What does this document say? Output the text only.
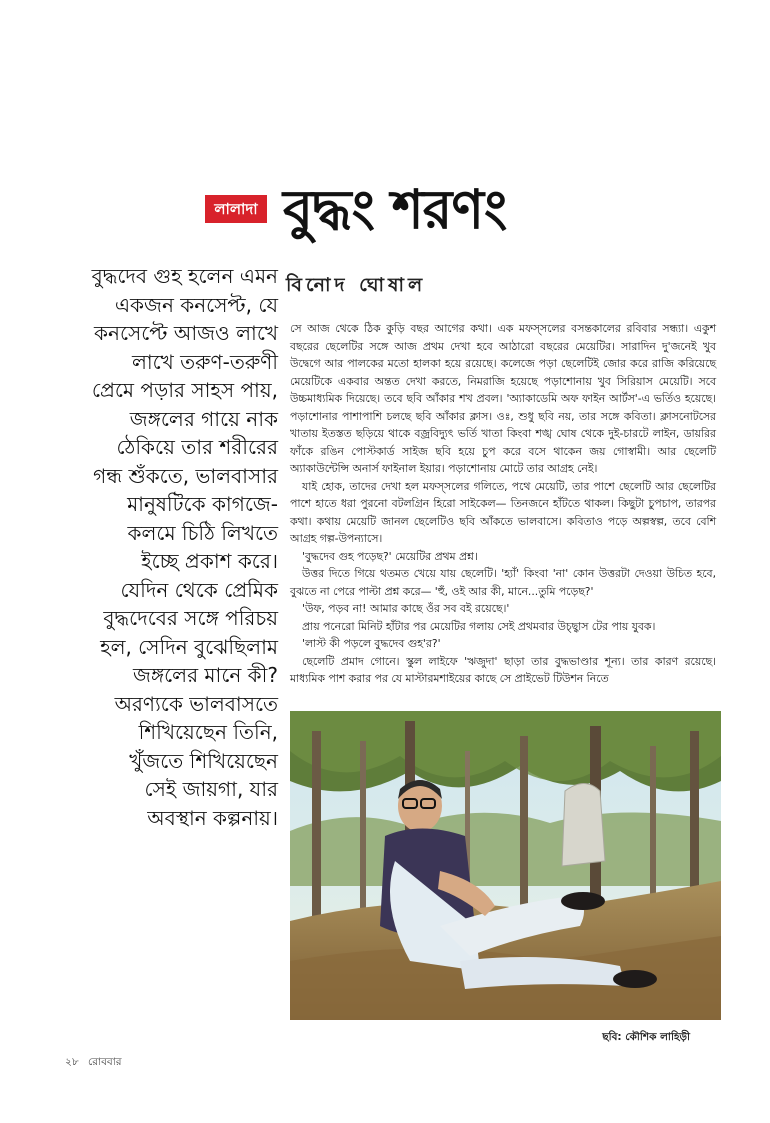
লালাদা বুদ্ধং শরণং
বিনোদ ঘোষাল
বুদ্ধদেব গুহ হলেন এমন
একজন কনসেপ্ট, যে
কনসেপ্টে আজও লাখে
লাখে তরুণ-তরুণী
প্রেমে পড়ার সাহস পায়,
জঙ্গলের গায়ে নাক
ঠেকিয়ে তার শরীরের
গন্ধ শুঁকতে, ভালবাসার
মানুষটিকে কাগজে-
কলমে চিঠি লিখতে
ইচ্ছে প্রকাশ করে।
যেদিন থেকে প্রেমিক
বুদ্ধদেবের সঙ্গে পরিচয়
হল, সেদিন বুঝেছিলাম
জঙ্গলের মানে কী?
অরণ্যকে ভালবাসতে
শিখিয়েছেন তিনি,
খুঁজতে শিখিয়েছেন
সেই জায়গা, যার
অবস্থান কল্পনায়।

সে আজ থেকে ঠিক কুড়ি বছর আগের কথা। এক মফস্সলের বসন্তকালের রবিবার সন্ধ্যা। একুশ বছরের ছেলেটির সঙ্গে আজ প্রথম দেখা হবে আঠারো বছরের মেয়েটির। সারাদিন দু'জনেই খুব উদ্বেগে আর পালকের মতো হালকা হয়ে রয়েছে। কলেজে পড়া ছেলেটিই জোর করে রাজি করিয়েছে মেয়েটিকে একবার অন্তত দেখা করতে, নিমরাজি হয়েছে পড়াশোনায় খুব সিরিয়াস মেয়েটি। সবে উচ্চমাধ্যমিক দিয়েছে। তবে ছবি আঁকার শখ প্রবল। 'অ্যাকাডেমি অফ ফাইন আর্টস'-এ ভর্তিও হয়েছে। পড়াশোনার পাশাপাশি চলছে ছবি আঁকার ক্লাস। ওঃ, শুধু ছবি নয়, তার সঙ্গে কবিতা। ক্লাসনোটসের খাতায় ইতস্তত ছড়িয়ে থাকে বজ্রবিদ্যুৎ ভর্তি খাতা কিংবা শঙ্খ ঘোষ থেকে দুই-চারটে লাইন, ডায়রির ফাঁকে রঙিন পোস্টকার্ড সাইজ ছবি হয়ে চুপ করে বসে থাকেন জয় গোস্বামী। আর ছেলেটি অ্যাকাউন্টেন্সি অনার্স ফাইনাল ইয়ার। পড়াশোনায় মোটে তার আগ্রহ নেই।

যাই হোক, তাদের দেখা হল মফস্সলের গলিতে, পথে মেয়েটি, তার পাশে ছেলেটি আর ছেলেটির পাশে হাতে ধরা পুরনো বটলগ্রিন হিরো সাইকেল— তিনজনে হাঁটতে থাকল। কিছুটা চুপচাপ, তারপর কথা। কথায় মেয়েটি জানল ছেলেটিও ছবি আঁকতে ভালবাসে। কবিতাও পড়ে অল্পস্বল্প, তবে বেশি আগ্রহ গল্প-উপন্যাসে।

'বুদ্ধদেব গুহ পড়েছ?' মেয়েটির প্রথম প্রশ্ন।

উত্তর দিতে গিয়ে থতমত খেয়ে যায় ছেলেটি। 'হ্যাঁ' কিংবা 'না' কোন উত্তরটা দেওয়া উচিত হবে, বুঝতে না পেরে পাল্টা প্রশ্ন করে— 'হুঁ, ওই আর কী, মানে...তুমি পড়েছ?'

'উফ, পড়ব না! আমার কাছে ওঁর সব বই রয়েছে।'

প্রায় পনেরো মিনিট হাঁটার পর মেয়েটির গলায় সেই প্রথমবার উচ্ছ্বাস টের পায় যুবক।

'লাস্ট কী পড়লে বুদ্ধদেব গুহ'র?'

ছেলেটি প্রমাদ গোনে। স্কুল লাইফে 'ঋজুদা' ছাড়া তার বুদ্ধভাণ্ডার শূন্য। তার কারণ রয়েছে। মাধ্যমিক পাশ করার পর যে মাস্টারমশাইয়ের কাছে সে প্রাইভেট টিউশন নিতে

ছবি: কৌশিক লাহিড়ী
২৮ রোববার
